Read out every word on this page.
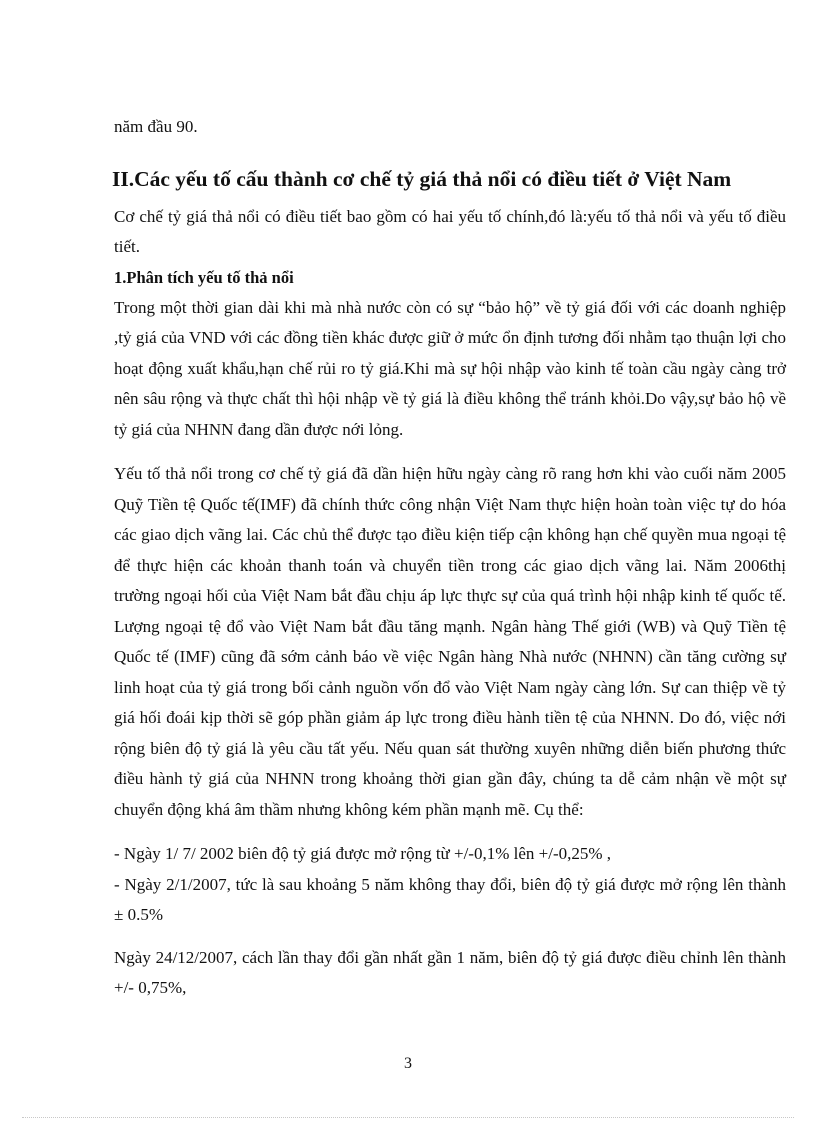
năm đầu 90.

II.Các yếu tố cấu thành cơ chế tỷ giá thả nổi có điều tiết ở Việt Nam

Cơ chế tỷ giá thả nổi có điều tiết bao gồm có hai yếu tố chính,đó là:yếu tố thả nổi và yếu tố điều tiết.

1.Phân tích yếu tố thả nổi

Trong một thời gian dài khi mà nhà nước còn có sự “bảo hộ” về tỷ giá đối với các doanh nghiệp ,tỷ giá của VND với các đồng tiền khác được giữ ở mức ổn định tương đối nhằm tạo thuận lợi cho hoạt động xuất khẩu,hạn chế rủi ro tỷ giá.Khi mà sự hội nhập vào kinh tế toàn cầu ngày càng trở nên sâu rộng và thực chất thì hội nhập về tỷ giá là điều không thể tránh khỏi.Do vậy,sự bảo hộ về tỷ giá của NHNN đang dần được nới lỏng.

Yếu tố thả nổi trong cơ chế tỷ giá đã dần hiện hữu ngày càng rõ rang hơn khi vào cuối năm 2005 Quỹ Tiền tệ Quốc tế(IMF) đã chính thức công nhận Việt Nam thực hiện hoàn toàn việc tự do hóa các giao dịch vãng lai. Các chủ thể được tạo điều kiện tiếp cận không hạn chế quyền mua ngoại tệ để thực hiện các khoản thanh toán và chuyển tiền trong các giao dịch vãng lai. Năm 2006thị trường ngoại hối của Việt Nam bắt đầu chịu áp lực thực sự của quá trình hội nhập kinh tế quốc tế. Lượng ngoại tệ đổ vào Việt Nam bắt đầu tăng mạnh. Ngân hàng Thế giới (WB) và Quỹ Tiền tệ Quốc tế (IMF) cũng đã sớm cảnh báo về việc Ngân hàng Nhà nước (NHNN) cần tăng cường sự linh hoạt của tỷ giá trong bối cảnh nguồn vốn đổ vào Việt Nam ngày càng lớn. Sự can thiệp về tỷ giá hối đoái kịp thời sẽ góp phần giảm áp lực trong điều hành tiền tệ của NHNN. Do đó, việc nới rộng biên độ tỷ giá là yêu cầu tất yếu. Nếu quan sát thường xuyên những diễn biến phương thức điều hành tỷ giá của NHNN trong khoảng thời gian gần đây, chúng ta dễ cảm nhận về một sự chuyển động khá âm thầm nhưng không kém phần mạnh mẽ. Cụ thể:

- Ngày 1/ 7/ 2002 biên độ tỷ giá được mở rộng từ +/-0,1% lên +/-0,25% ,

- Ngày 2/1/2007, tức là sau khoảng 5 năm không thay đổi, biên độ tỷ giá được mở rộng lên thành ± 0.5%

Ngày 24/12/2007, cách lần thay đổi gần nhất gần 1 năm, biên độ tỷ giá được điều chỉnh lên thành +/- 0,75%,

3
